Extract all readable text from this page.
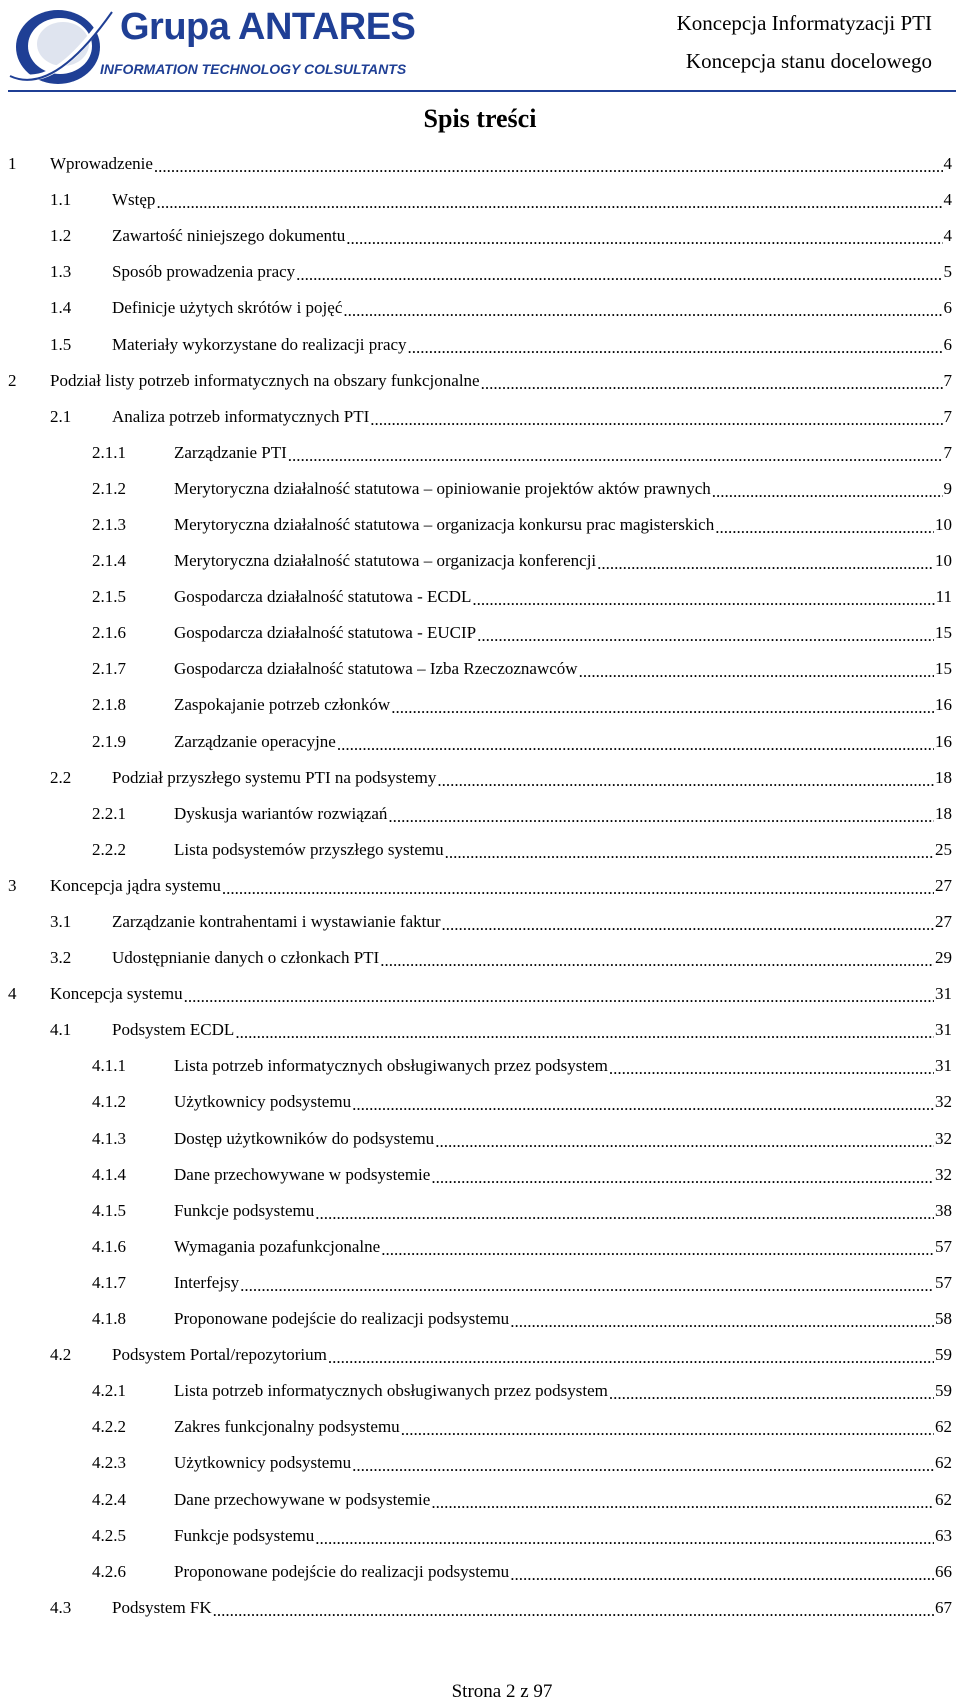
Grupa ANTARES
INFORMATION TECHNOLOGY COLSULTANTS
Koncepcja Informatyzacji PTI
Koncepcja stanu docelowego
Spis treści
1	Wprowadzenie .....	4
1.1	Wstęp .....	4
1.2	Zawartość niniejszego dokumentu .....	4
1.3	Sposób prowadzenia pracy .....	5
1.4	Definicje użytych skrótów i pojęć .....	6
1.5	Materiały wykorzystane do realizacji pracy .....	6
2	Podział listy potrzeb informatycznych na obszary funkcjonalne .....	7
2.1	Analiza potrzeb informatycznych PTI .....	7
2.1.1	Zarządzanie PTI .....	7
2.1.2	Merytoryczna działalność statutowa – opiniowanie projektów aktów prawnych .....	9
2.1.3	Merytoryczna działalność statutowa – organizacja konkursu prac magisterskich .....	10
2.1.4	Merytoryczna działalność statutowa – organizacja konferencji .....	10
2.1.5	Gospodarcza działalność statutowa - ECDL .....	11
2.1.6	Gospodarcza działalność statutowa - EUCIP .....	15
2.1.7	Gospodarcza działalność statutowa – Izba Rzeczoznawców .....	15
2.1.8	Zaspokajanie potrzeb członków .....	16
2.1.9	Zarządzanie operacyjne .....	16
2.2	Podział przyszłego systemu PTI na podsystemy .....	18
2.2.1	Dyskusja wariantów rozwiązań .....	18
2.2.2	Lista podsystemów przyszłego systemu .....	25
3	Koncepcja jądra systemu .....	27
3.1	Zarządzanie kontrahentami i wystawianie faktur .....	27
3.2	Udostępnianie danych o członkach PTI .....	29
4	Koncepcja systemu .....	31
4.1	Podsystem ECDL .....	31
4.1.1	Lista potrzeb informatycznych obsługiwanych przez podsystem .....	31
4.1.2	Użytkownicy podsystemu .....	32
4.1.3	Dostęp użytkowników do podsystemu .....	32
4.1.4	Dane przechowywane w podsystemie .....	32
4.1.5	Funkcje podsystemu .....	38
4.1.6	Wymagania pozafunkcjonalne .....	57
4.1.7	Interfejsy .....	57
4.1.8	Proponowane podejście do realizacji podsystemu .....	58
4.2	Podsystem Portal/repozytorium .....	59
4.2.1	Lista potrzeb informatycznych obsługiwanych przez podsystem .....	59
4.2.2	Zakres funkcjonalny podsystemu .....	62
4.2.3	Użytkownicy podsystemu .....	62
4.2.4	Dane przechowywane w podsystemie .....	62
4.2.5	Funkcje podsystemu .....	63
4.2.6	Proponowane podejście do realizacji podsystemu .....	66
4.3	Podsystem FK .....	67
Strona 2 z 97
